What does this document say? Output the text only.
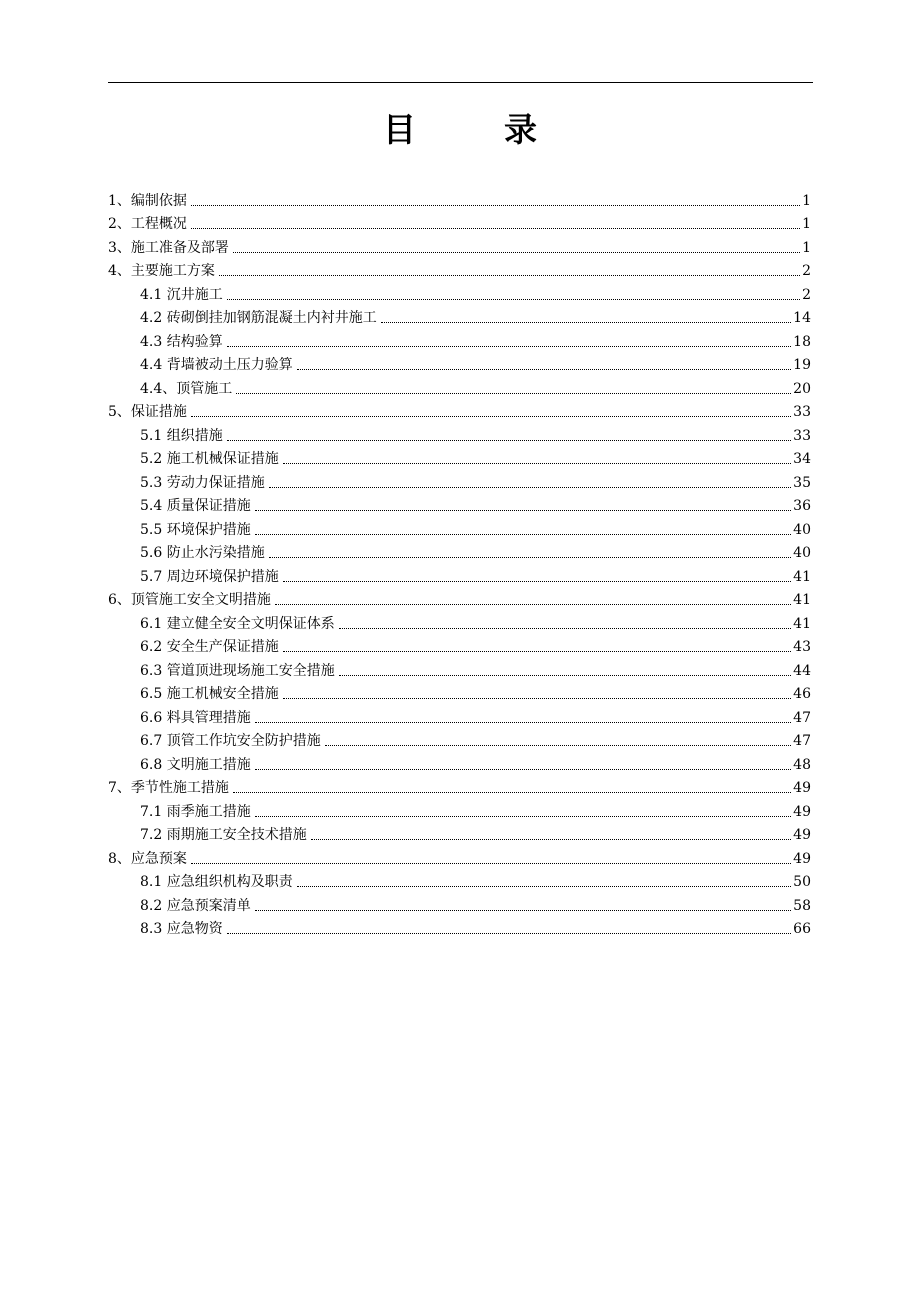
目	录
1、编制依据	1
2、工程概况	1
3、施工准备及部署	1
4、主要施工方案	2
4.1 沉井施工	2
4.2 砖砌倒挂加钢筋混凝土内衬井施工	14
4.3 结构验算	18
4.4 背墙被动土压力验算	19
4.4、顶管施工	20
5、保证措施	33
5.1 组织措施	33
5.2 施工机械保证措施	34
5.3 劳动力保证措施	35
5.4 质量保证措施	36
5.5 环境保护措施	40
5.6 防止水污染措施	40
5.7 周边环境保护措施	41
6、顶管施工安全文明措施	41
6.1 建立健全安全文明保证体系	41
6.2 安全生产保证措施	43
6.3 管道顶进现场施工安全措施	44
6.5 施工机械安全措施	46
6.6 料具管理措施	47
6.7 顶管工作坑安全防护措施	47
6.8 文明施工措施	48
7、季节性施工措施	49
7.1 雨季施工措施	49
7.2 雨期施工安全技术措施	49
8、应急预案	49
8.1 应急组织机构及职责	50
8.2 应急预案清单	58
8.3 应急物资	66
